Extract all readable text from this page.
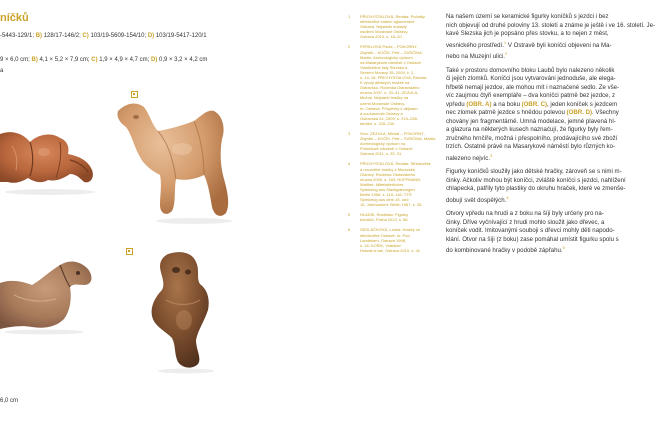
níčků
-5443-129/1; B) 128/17-146/2; C) 103/19-5609-154/10; D) 103/19-5417-120/1
9 × 6,0 cm; B) 4,1 × 5,2 × 7,9 cm; C) 1,9 × 4,9 × 4,7 cm; D) 0,9 × 3,2 × 4,2 cm
a
6,0 cm
1	PŘICHYSTALOVÁ, Renáta: Počátky
středověké sídelní aglomerace
Ostrava. Nejstarší doklady
osídlení Moravské Ostravy.
Ostrava 2013, s. 18–20.
2	FERKLOVÁ Pavla – POKORNÝ,
Zbyněk – KOČÍK, Petr – SVRČINA,
Martin: Archeologický výzkum
na Masarykově náměstí v Ostravě.
Vlastivědné listy Slezska a
Severní Moravy 35, 2009, č. 2,
s. 14–16; PŘICHYSTALOVÁ, Renáta:
K vývoji dětských hraček na
Ostravsku. Ročenka Ostravského
muzea 2007, s. 33–41; ZEZULA,
Michal: Nejstarší hračky na
území Moravské Ostravy.
In: Ostrava. Příspěvky k dějinám
a současnosti Ostravy a
Ostravska 24, 2009, s. 219–238;
tamtéž, s. 228–230.
3	Srov. ZEZULA, Michal – POKORNÝ,
Zbyněk – KOČÍK, Petr – SVRČINA, Martin:
Archeologický výzkum na
Prokešově náměstí v Ostravě.
Ostrava 2011, s. 25, 31.
4	PŘICHYSTALOVÁ, Renáta: Středověké
a novověké hračky z Moravské
Ostravy. Ročenka Ostravského
muzea 2009, s. 183; HOFFMANN,
Walther: Mittelalterliches
Spielzeug aus Stadtgrabungen.
Berlin 1966, s. 110–116; TÝŽ:
Spielzeug aus dem 15. und
16. Jahrhundert. Berlin 1967, s. 35.
5	HLADÍK, Rostislav: Figurky
koníčků. Praha 2013, s. 66.
6	SEDLÁČKOVÁ, Lenka: Hračky ve
středověké Ostravě. In: Pod
Landekem. Ostrava 1998,
s. 16; KOŠÍK, Vratislav:
Hrávali si tak. Ostrava 2010, s. 41.
Na našem území se keramické figurky koníčků s jezdci i bez
nich objevují od druhé poloviny 13. století a známe je ještě i ve 16. století. Je-
kavé Slezska jich je popsáno přes stovku, a to nejen z měst,
vesnického prostředí.$^1$ V Ostravě byli koníčci objeveni na Ma-
nebo na Muzejní ulici.$^2$
Také v prostoru domovního bloku Laubů bylo nalezeno několik
či jejich zlomků. Koníčci jsou vytvarováni jednoduše, ale elega-
hřbetě nemají jezdce, ale mohou mít i naznačené sedlo. Ze vše-
víc zaujmou čtyři exempláře – dva koníčci patrně bez jezdce, z
vpředu (OBR. A) a na boku (OBR. C), jeden koníček s jezdcem
nec zlomek patrně jezdce s hnědou polevou (OBR. D). Všechny
chovány jen fragmentárně. Umná modelace, jemné plavená hl-
a glazura na některých kusech naznačují, že figurky byly řem-
zručného hrnčíře, možná i přespolního, prodávajícího své zboží
trzích. Ostatně právě na Masarykově náměstí bylo různých ko-
nalezeno nejvíc.$^3$
Figurky koníčků sloužily jako dětské hračky, zároveň se s nimi m-
činky. Ačkoliv mohou být koníčci, zvláště koníčci s jezdci, nahlížení
chlapecká, patřily tyto plastiky do okruhu hraček, které ve zmenše-
dobují svět dospělých.$^4$
Otvory vpředu na hrudi a z boku na šíji byly určeny pro na-
činky. Dříve vyčnívající z hrudi mohlo sloužit jako dřevec, a
koníček vodit. Imitovanými souboji s dřevci mohly děti napodo-
klání. Otvor na šíji (z boku) zase pomáhal umístit figurku spolu s
do kombinované hračky v podobě zápřahu.$^5$
